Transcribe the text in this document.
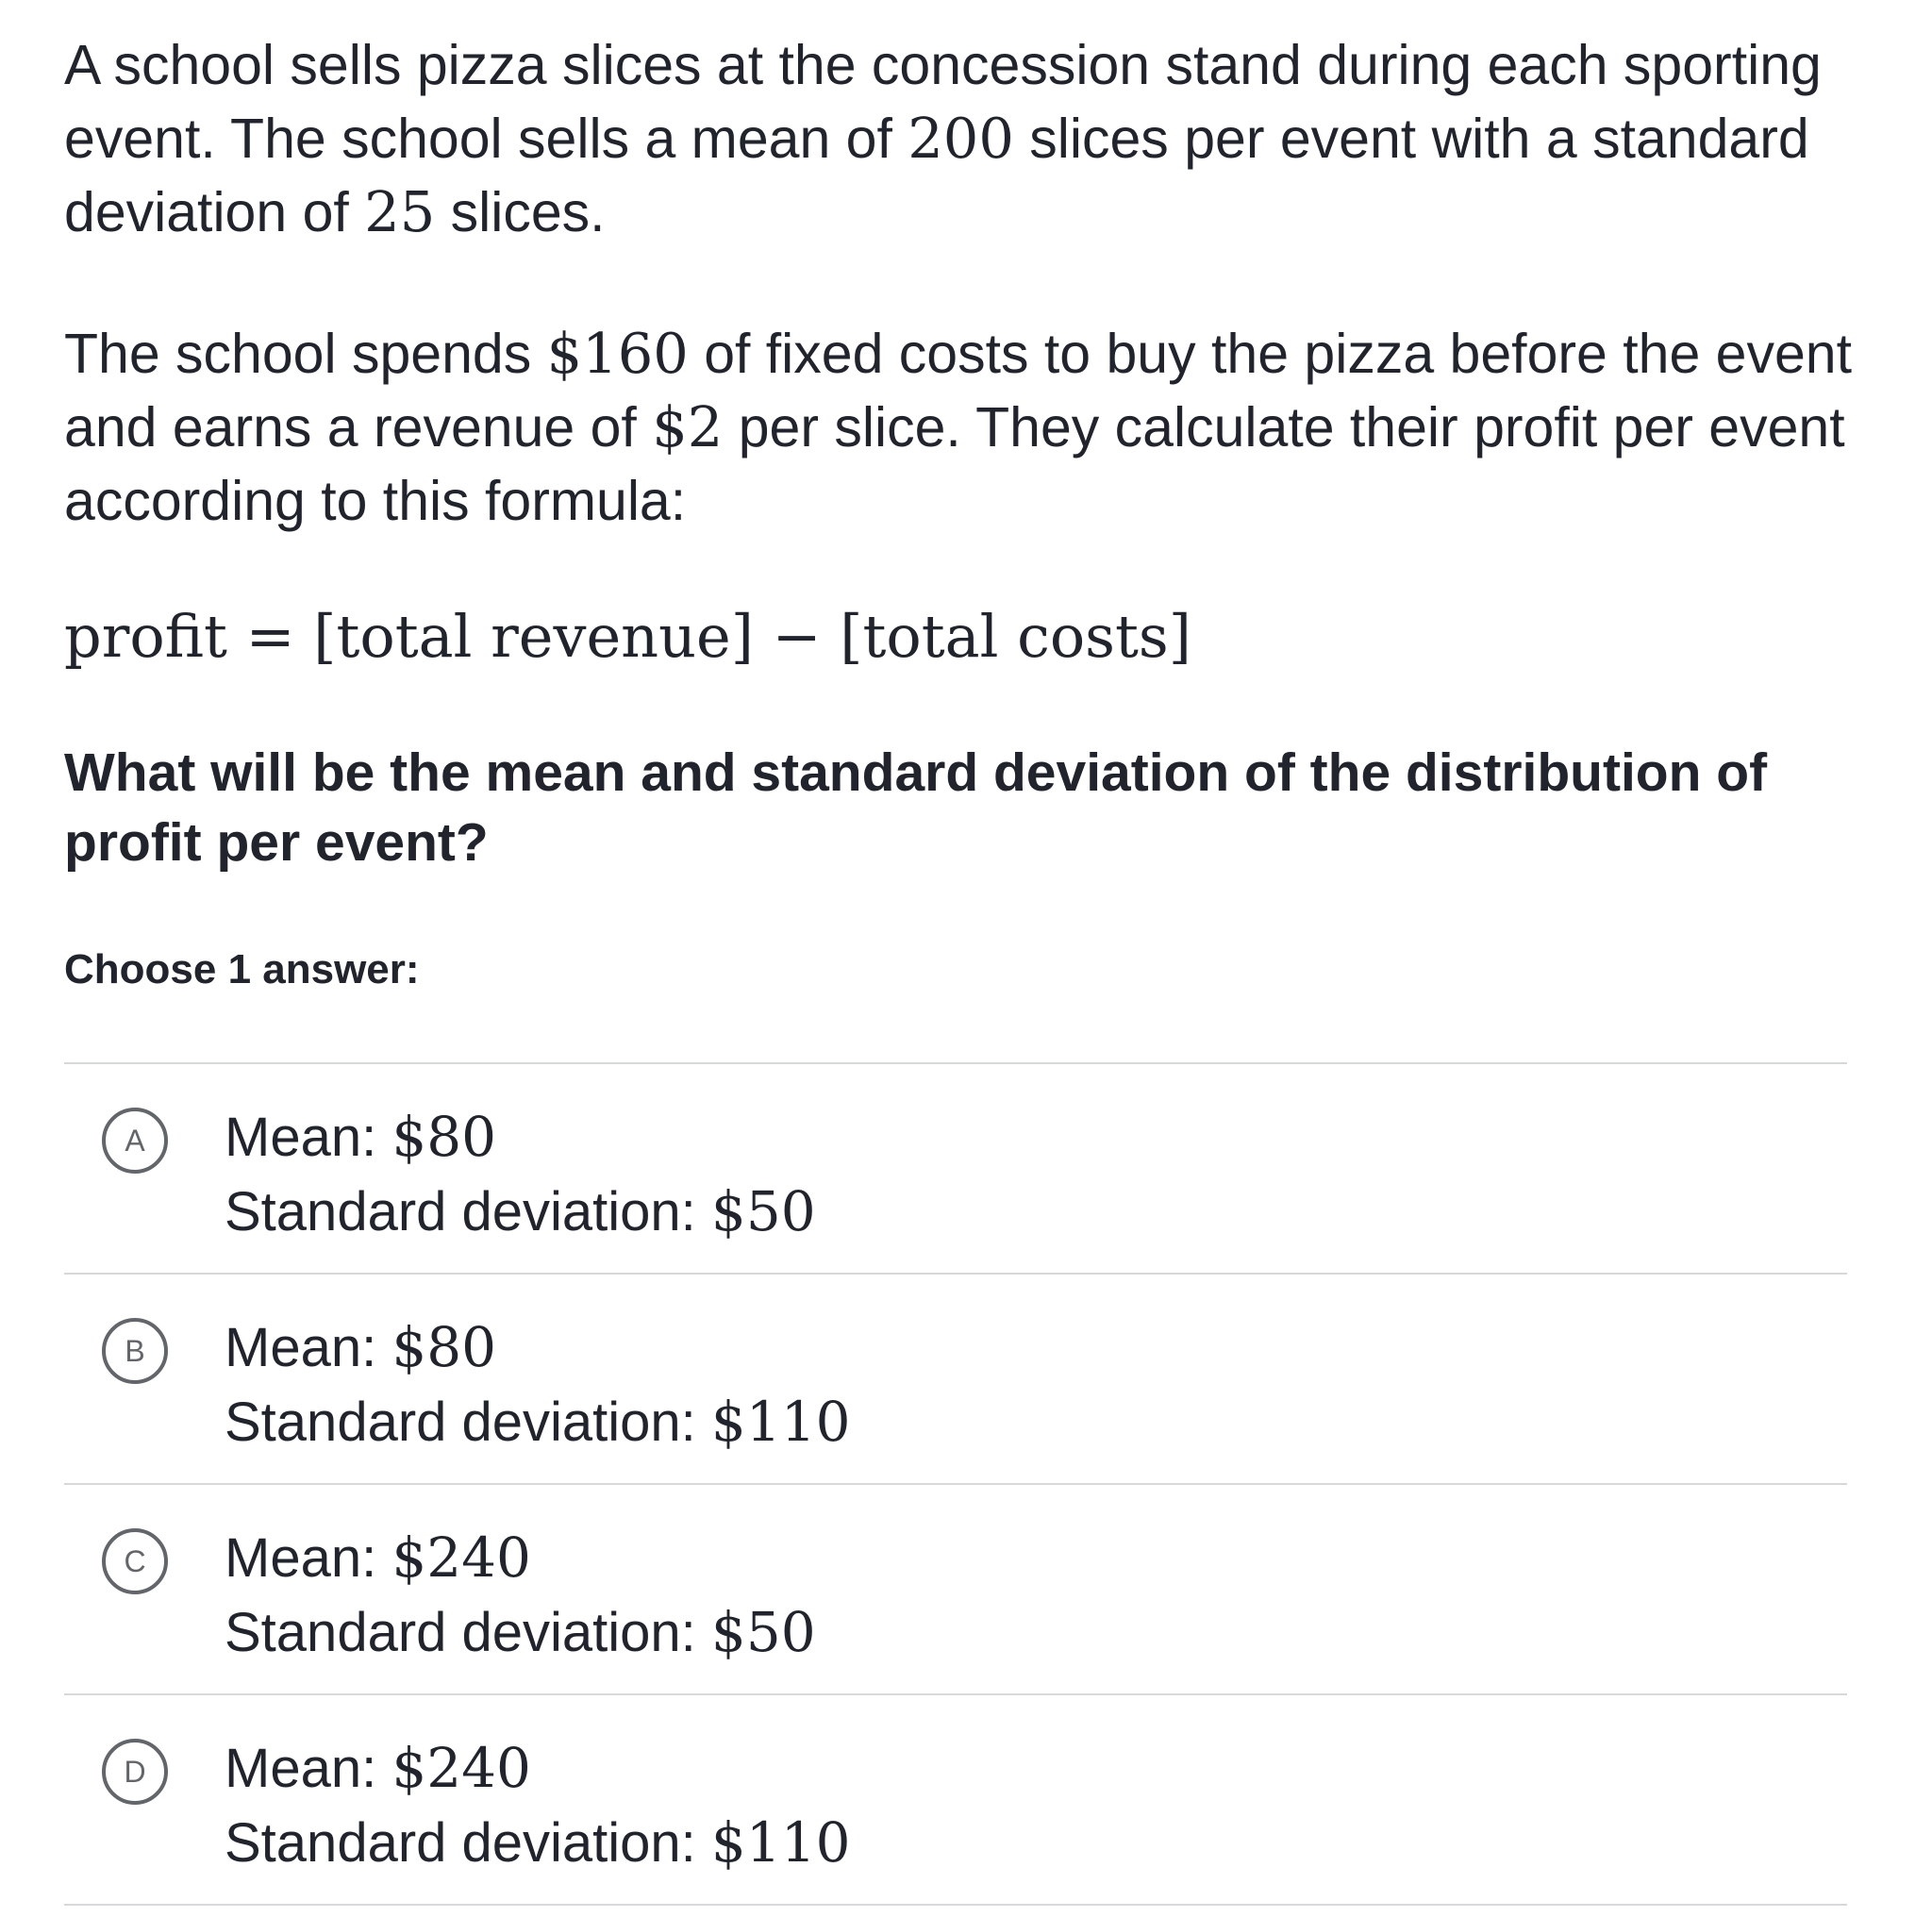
A school sells pizza slices at the concession stand during each sporting event. The school sells a mean of 200 slices per event with a standard deviation of 25 slices.

The school spends $160 of fixed costs to buy the pizza before the event and earns a revenue of $2 per slice. They calculate their profit per event according to this formula:

profit = [total revenue] − [total costs]
What will be the mean and standard deviation of the distribution of profit per event?
Choose 1 answer:
A	Mean: $80
Standard deviation: $50
B	Mean: $80
Standard deviation: $110
C	Mean: $240
Standard deviation: $50
D	Mean: $240
Standard deviation: $110
